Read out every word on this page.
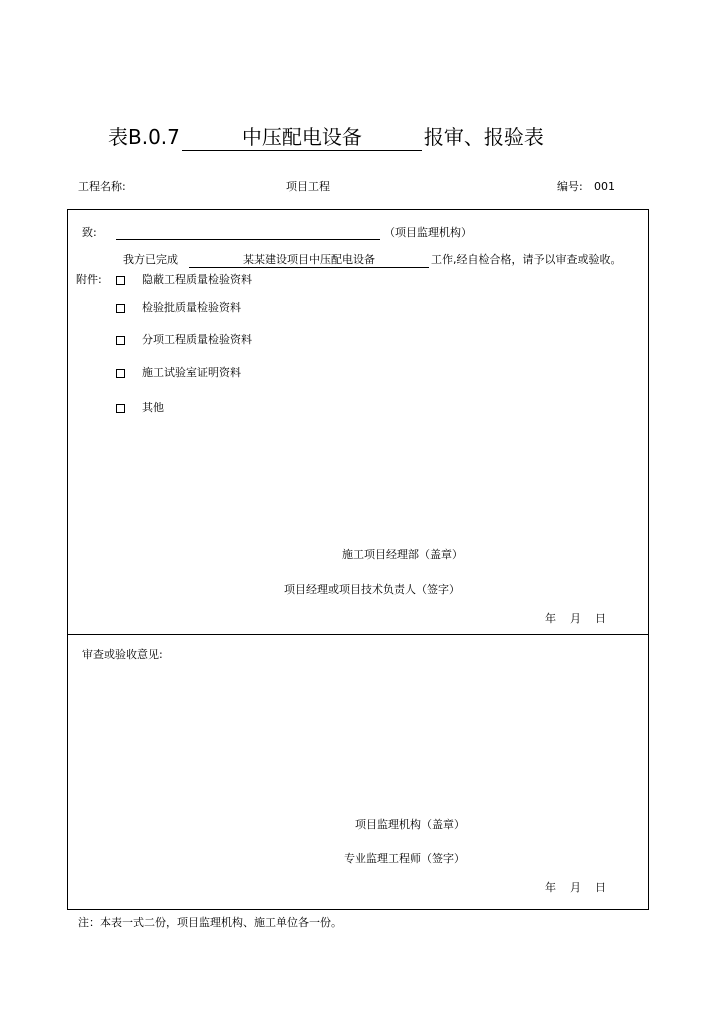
表B.0.7	中压配电设备	报审、报验表
工程名称:	项目工程	编号: 001
致:	（项目监理机构）
我方已完成	某某建设项目中压配电设备	工作,经自检合格，请予以审查或验收。
附件:	隐蔽工程质量检验资料
检验批质量检验资料
分项工程质量检验资料
施工试验室证明资料
其他
施工项目经理部（盖章）
项目经理或项目技术负责人（签字）
年    月    日
审查或验收意见:
项目监理机构（盖章）
专业监理工程师（签字）
年    月    日
注：本表一式二份，项目监理机构、施工单位各一份。
